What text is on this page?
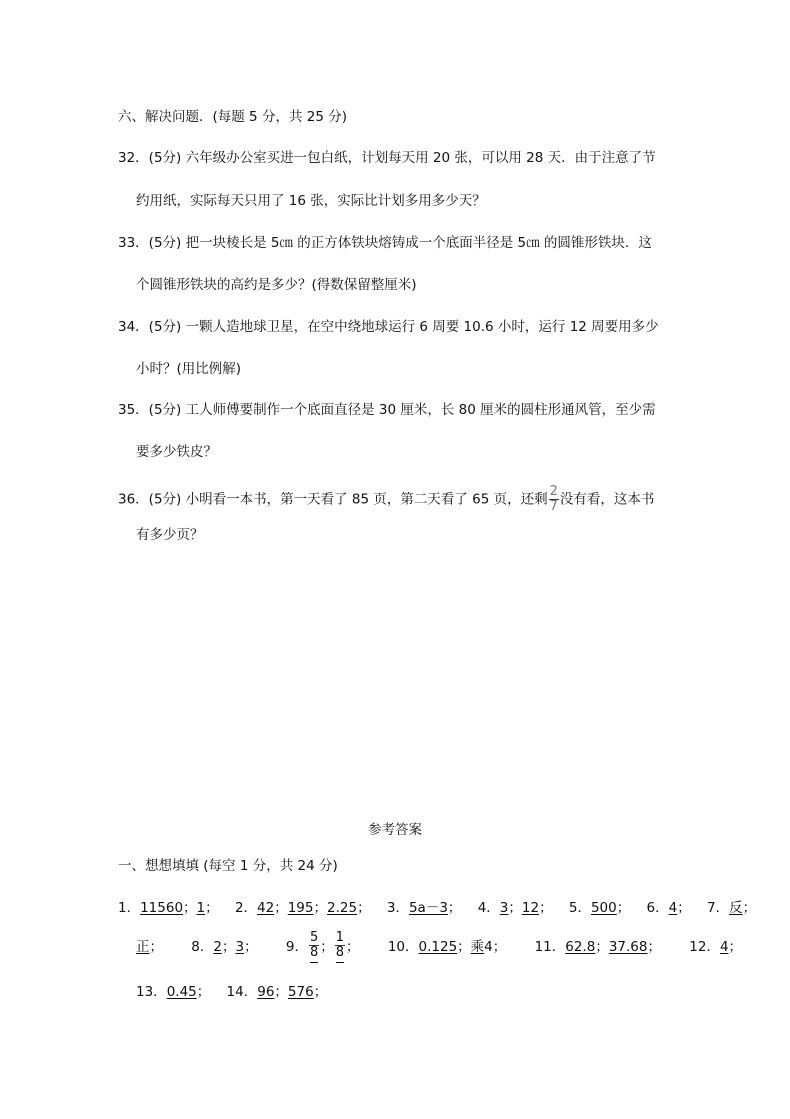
六、解决问题．(每题 5 分，共 25 分)
32．(5分) 六年级办公室买进一包白纸，计划每天用 20 张，可以用 28 天．由于注意了节
约用纸，实际每天只用了 16 张，实际比计划多用多少天？
33．(5分) 把一块棱长是 5㎝ 的正方体铁块熔铸成一个底面半径是 5㎝ 的圆锥形铁块．这
个圆锥形铁块的高约是多少？(得数保留整厘米)
34．(5分) 一颗人造地球卫星，在空中绕地球运行 6 周要 10.6 小时，运行 12 周要用多少
小时？(用比例解)
35．(5分) 工人师傅要制作一个底面直径是 30 厘米，长 80 厘米的圆柱形通风管，至少需
要多少铁皮？
36．(5分) 小明看一本书，第一天看了 85 页，第二天看了 65 页，还剩 $\frac{2}{7}$ 没有看，这本书
有多少页？
参考答案
一、想想填填 (每空 1 分，共 24 分)
1．11560；1； 2．42；195；2.25； 3．5a－3； 4．3；12； 5．500； 6．4； 7．反；
正； 8．2；3； 9． $\frac{5}{8}$ ； $\frac{1}{8}$ ； 10．0.125；乘4； 11．62.8；37.68； 12．4；
13．0.45； 14．96；576；
